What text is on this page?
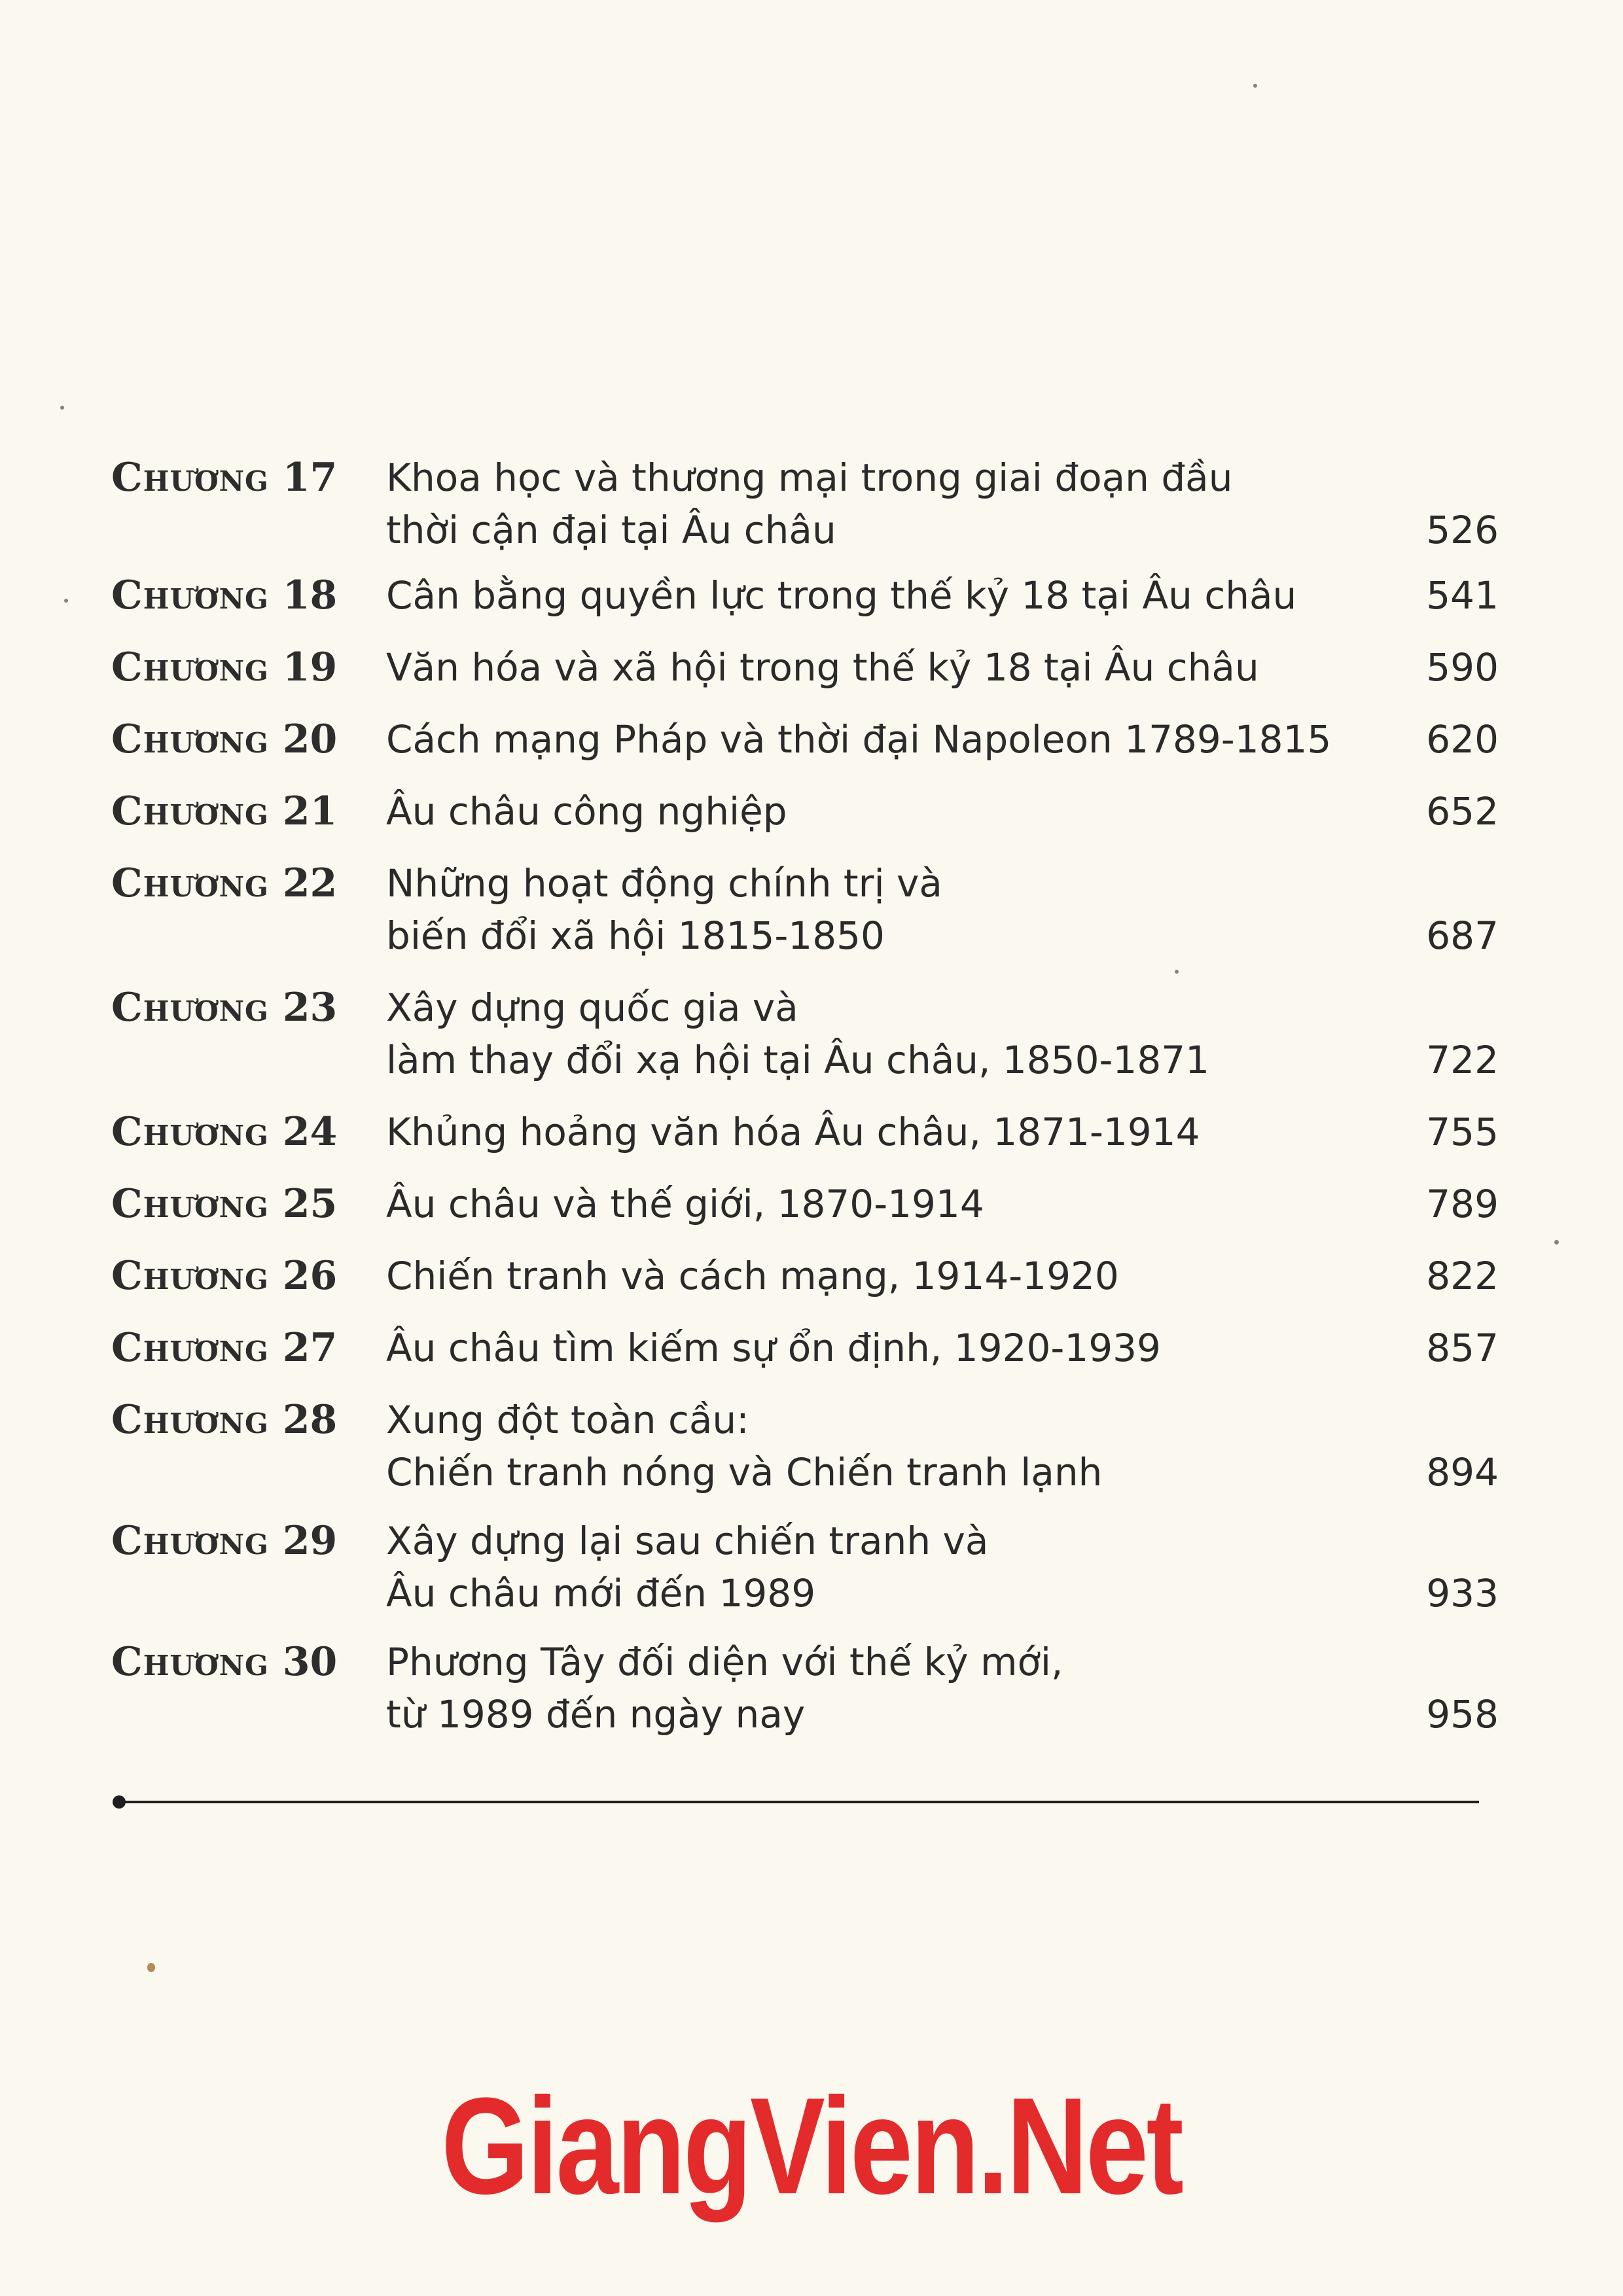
Chương 17	Khoa học và thương mại trong giai đoạn đầu
thời cận đại tại Âu châu	526
Chương 18	Cân bằng quyền lực trong thế kỷ 18 tại Âu châu	541
Chương 19	Văn hóa và xã hội trong thế kỷ 18 tại Âu châu	590
Chương 20	Cách mạng Pháp và thời đại Napoleon 1789-1815	620
Chương 21	Âu châu công nghiệp	652
Chương 22	Những hoạt động chính trị và
biến đổi xã hội 1815-1850	687
Chương 23	Xây dựng quốc gia và
làm thay đổi xạ hội tại Âu châu, 1850-1871	722
Chương 24	Khủng hoảng văn hóa Âu châu, 1871-1914	755
Chương 25	Âu châu và thế giới, 1870-1914	789
Chương 26	Chiến tranh và cách mạng, 1914-1920	822
Chương 27	Âu châu tìm kiếm sự ổn định, 1920-1939	857
Chương 28	Xung đột toàn cầu:
Chiến tranh nóng và Chiến tranh lạnh	894
Chương 29	Xây dựng lại sau chiến tranh và
Âu châu mới đến 1989	933
Chương 30	Phương Tây đối diện với thế kỷ mới,
từ 1989 đến ngày nay	958
GiangVien.Net
